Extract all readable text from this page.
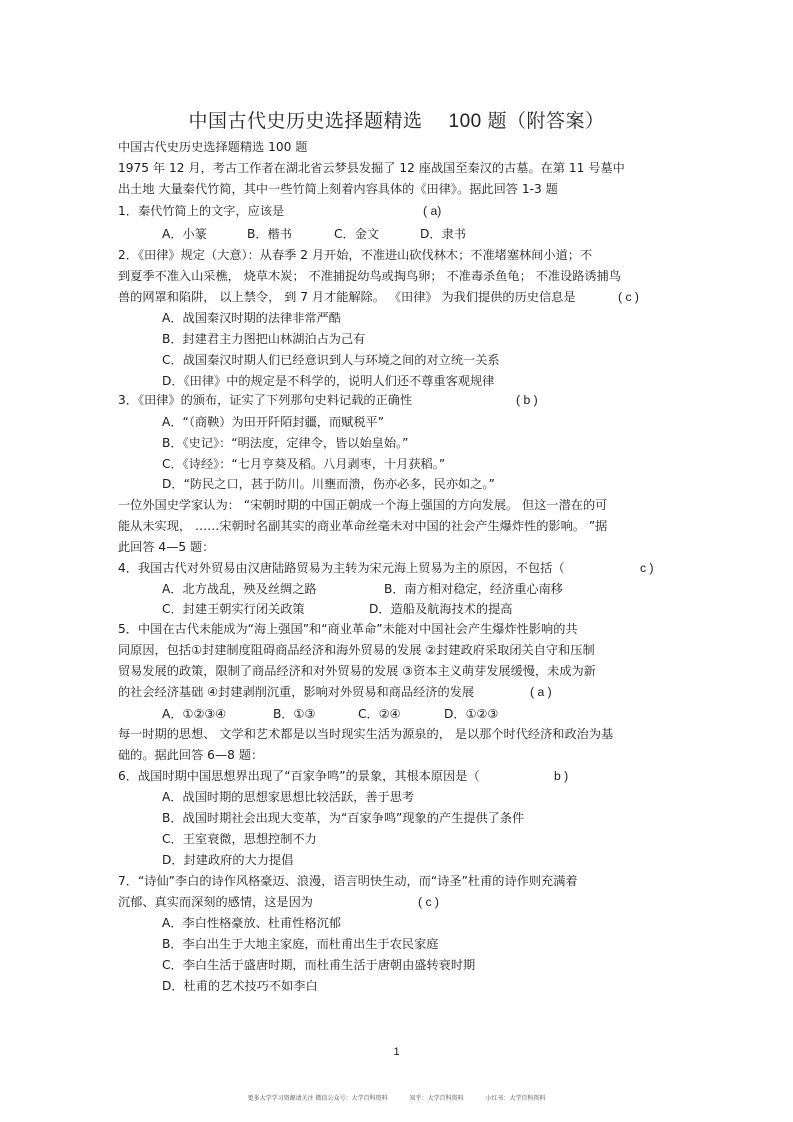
中国古代史历史选择题精选 100 题（附答案）
中国古代史历史选择题精选 100 题
1975 年 12 月，考古工作者在湖北省云梦县发掘了 12 座战国至秦汉的古墓。在第 11 号墓中
出土地 大量秦代竹简，其中一些竹简上刻着内容具体的《田律》。据此回答 1-3 题
1．秦代竹简上的文字，应该是	( a)
A．小篆	B．楷书	C．金文	D．隶书
2．《田律》规定（大意）：从春季 2 月开始，不准进山砍伐林木；不准堵塞林间小道；不
到夏季不准入山采樵， 烧草木炭； 不准捕捉幼鸟或掏鸟卵； 不准毒杀鱼龟； 不准设路诱捕鸟
兽的网罩和陷阱， 以上禁令， 到 7 月才能解除。 《田律》 为我们提供的历史信息是	( c )
A．战国秦汉时期的法律非常严酷
B．封建君主力图把山林湖泊占为己有
C．战国秦汉时期人们已经意识到人与环境之间的对立统一关系
D．《田律》中的规定是不科学的，说明人们还不尊重客观规律
3．《田律》的颁布，证实了下列那句史料记载的正确性	( b )
A．“（商鞅）为田开阡陌封疆，而赋税平”
B．《史记》：“明法度，定律令，皆以始皇始。”
C．《诗经》：“七月亨葵及稻。八月剥枣，十月获稻。”
D．“防民之口，甚于防川。川壅而溃，伤亦必多，民亦如之。”
一位外国史学家认为： “宋朝时期的中国正朝成一个海上强国的方向发展。 但这一潜在的可
能从未实现， ……宋朝时名副其实的商业革命丝毫未对中国的社会产生爆炸性的影响。 ”据
此回答 4—5 题：
4．我国古代对外贸易由汉唐陆路贸易为主转为宋元海上贸易为主的原因，不包括（	c )
A．北方战乱，殃及丝绸之路	B．南方相对稳定，经济重心南移
C．封建王朝实行闭关政策	D．造船及航海技术的提高
5．中国在古代未能成为“海上强国”和“商业革命”未能对中国社会产生爆炸性影响的共
同原因，包括①封建制度阻碍商品经济和海外贸易的发展 ②封建政府采取闭关自守和压制
贸易发展的政策，限制了商品经济和对外贸易的发展 ③资本主义萌芽发展缓慢，未成为新
的社会经济基础 ④封建剥削沉重，影响对外贸易和商品经济的发展	( a )
A．①②③④	B．①③	C．②④	D．①②③
每一时期的思想、 文学和艺术都是以当时现实生活为源泉的， 是以那个时代经济和政治为基
础的。据此回答 6—8 题：
6．战国时期中国思想界出现了“百家争鸣”的景象，其根本原因是（	b )
A．战国时期的思想家思想比较活跃，善于思考
B．战国时期社会出现大变革，为“百家争鸣”现象的产生提供了条件
C．王室衰微，思想控制不力
D．封建政府的大力提倡
7．“诗仙”李白的诗作风格豪迈、浪漫，语言明快生动，而“诗圣”杜甫的诗作则充满着
沉郁、真实而深刻的感情，这是因为	( c )
A．李白性格豪放、杜甫性格沉郁
B．李白出生于大地主家庭，而杜甫出生于农民家庭
C．李白生活于盛唐时期，而杜甫生活于唐朝由盛转衰时期
D．杜甫的艺术技巧不如李白
1
更多大学学习资源请关注 微信公众号：大学百科资料	知乎：大学百科资料	小红书：大学百科资料
